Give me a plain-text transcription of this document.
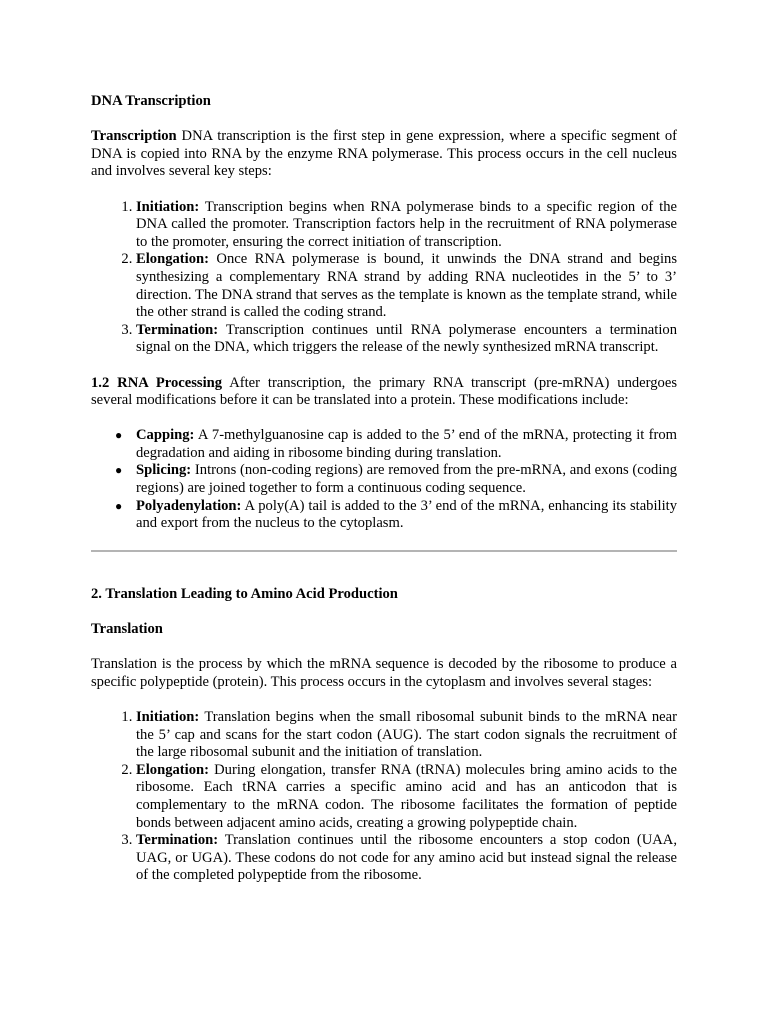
DNA Transcription

Transcription DNA transcription is the first step in gene expression, where a specific segment of DNA is copied into RNA by the enzyme RNA polymerase. This process occurs in the cell nucleus and involves several key steps:

1. Initiation: Transcription begins when RNA polymerase binds to a specific region of the DNA called the promoter. Transcription factors help in the recruitment of RNA polymerase to the promoter, ensuring the correct initiation of transcription.
2. Elongation: Once RNA polymerase is bound, it unwinds the DNA strand and begins synthesizing a complementary RNA strand by adding RNA nucleotides in the 5’ to 3’ direction. The DNA strand that serves as the template is known as the template strand, while the other strand is called the coding strand.
3. Termination: Transcription continues until RNA polymerase encounters a termination signal on the DNA, which triggers the release of the newly synthesized mRNA transcript.

1.2 RNA Processing After transcription, the primary RNA transcript (pre-mRNA) undergoes several modifications before it can be translated into a protein. These modifications include:

● Capping: A 7-methylguanosine cap is added to the 5’ end of the mRNA, protecting it from degradation and aiding in ribosome binding during translation.
● Splicing: Introns (non-coding regions) are removed from the pre-mRNA, and exons (coding regions) are joined together to form a continuous coding sequence.
● Polyadenylation: A poly(A) tail is added to the 3’ end of the mRNA, enhancing its stability and export from the nucleus to the cytoplasm.
2. Translation Leading to Amino Acid Production
Translation

Translation is the process by which the mRNA sequence is decoded by the ribosome to produce a specific polypeptide (protein). This process occurs in the cytoplasm and involves several stages:

1. Initiation: Translation begins when the small ribosomal subunit binds to the mRNA near the 5’ cap and scans for the start codon (AUG). The start codon signals the recruitment of the large ribosomal subunit and the initiation of translation.
2. Elongation: During elongation, transfer RNA (tRNA) molecules bring amino acids to the ribosome. Each tRNA carries a specific amino acid and has an anticodon that is complementary to the mRNA codon. The ribosome facilitates the formation of peptide bonds between adjacent amino acids, creating a growing polypeptide chain.
3. Termination: Translation continues until the ribosome encounters a stop codon (UAA, UAG, or UGA). These codons do not code for any amino acid but instead signal the release of the completed polypeptide from the ribosome.
